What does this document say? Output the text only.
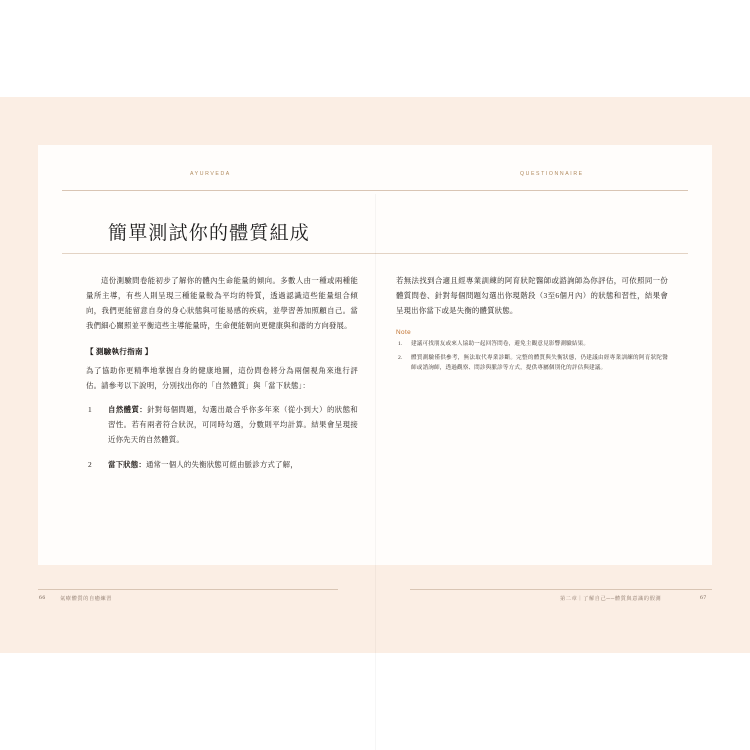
AYURVEDA	QUESTIONNAIRE
簡單測試你的體質組成

這份測驗問卷能初步了解你的體內生命能量的傾向。多數人由一種或兩種能量所主導，有些人則呈現三種能量較為平均的特質，透過認識這些能量組合傾向，我們更能留意自身的身心狀態與可能易感的疾病，並學習善加照顧自己。當我們細心關照並平衡這些主導能量時，生命便能朝向更健康與和諧的方向發展。

【 測驗執行指南 】

為了協助你更精準地掌握自身的健康地圖，這份問卷將分為兩個視角來進行評估。請參考以下說明，分別找出你的「自然體質」與「當下狀態」：

1 自然體質：針對每個問題，勾選出最合乎你多年來（從小到大）的狀態和習性。若有兩者符合狀況，可同時勾選，分數則平均計算。結果會呈現接近你先天的自然體質。
2 當下狀態：通常一個人的失衡狀態可經由脈診方式了解，

若無法找到合適且經專業訓練的阿育狀陀醫師或諮詢師為你評估，可依照同一份體質問卷、針對每個問題勾選出你現階段（3至6個月內）的狀態和習性，結果會呈現出你當下或是失衡的體質狀態。

Note
1. 建議可找朋友或來人協助一起回答問卷，避免主觀意見影響測驗結果。
2. 體質測驗僅供參考，無法取代專業診斷。完整的體質與失衡狀態，仍建議由經專業訓練的阿育狀陀醫師或諮詢師，透過觀察、問診與脈診等方式，提供專屬個別化的評估與建議。
66	氣療體質的自癒練習	第二章｜了解自己──體質與意識的假測	67
